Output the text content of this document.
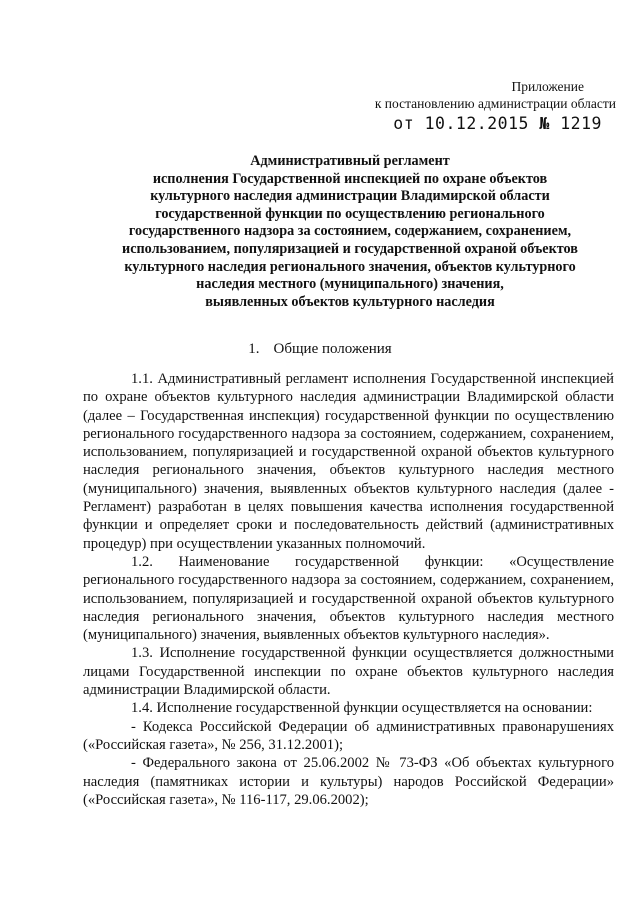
Приложение
к постановлению администрации области
от 10.12.2015 № 1219
Административный регламент
исполнения Государственной инспекцией по охране объектов
культурного наследия администрации Владимирской области
государственной функции по осуществлению регионального
государственного надзора за состоянием, содержанием, сохранением,
использованием, популяризацией и государственной охраной объектов
культурного наследия регионального значения, объектов культурного
наследия местного (муниципального) значения,
выявленных объектов культурного наследия
1. Общие положения

1.1. Административный регламент исполнения Государственной инспекцией по охране объектов культурного наследия администрации Владимирской области (далее – Государственная инспекция) государственной функции по осуществлению регионального государственного надзора за состоянием, содержанием, сохранением, использованием, популяризацией и государственной охраной объектов культурного наследия регионального значения, объектов культурного наследия местного (муниципального) значения, выявленных объектов культурного наследия (далее - Регламент) разработан в целях повышения качества исполнения государственной функции и определяет сроки и последовательность действий (административных процедур) при осуществлении указанных полномочий.

1.2. Наименование государственной функции: «Осуществление регионального государственного надзора за состоянием, содержанием, сохранением, использованием, популяризацией и государственной охраной объектов культурного наследия регионального значения, объектов культурного наследия местного (муниципального) значения, выявленных объектов культурного наследия».

1.3. Исполнение государственной функции осуществляется должностными лицами Государственной инспекции по охране объектов культурного наследия администрации Владимирской области.

1.4. Исполнение государственной функции осуществляется на основании:

- Кодекса Российской Федерации об административных правонарушениях («Российская газета», № 256, 31.12.2001);

- Федерального закона от 25.06.2002 № 73-ФЗ «Об объектах культурного наследия (памятниках истории и культуры) народов Российской Федерации» («Российская газета», № 116-117, 29.06.2002);
